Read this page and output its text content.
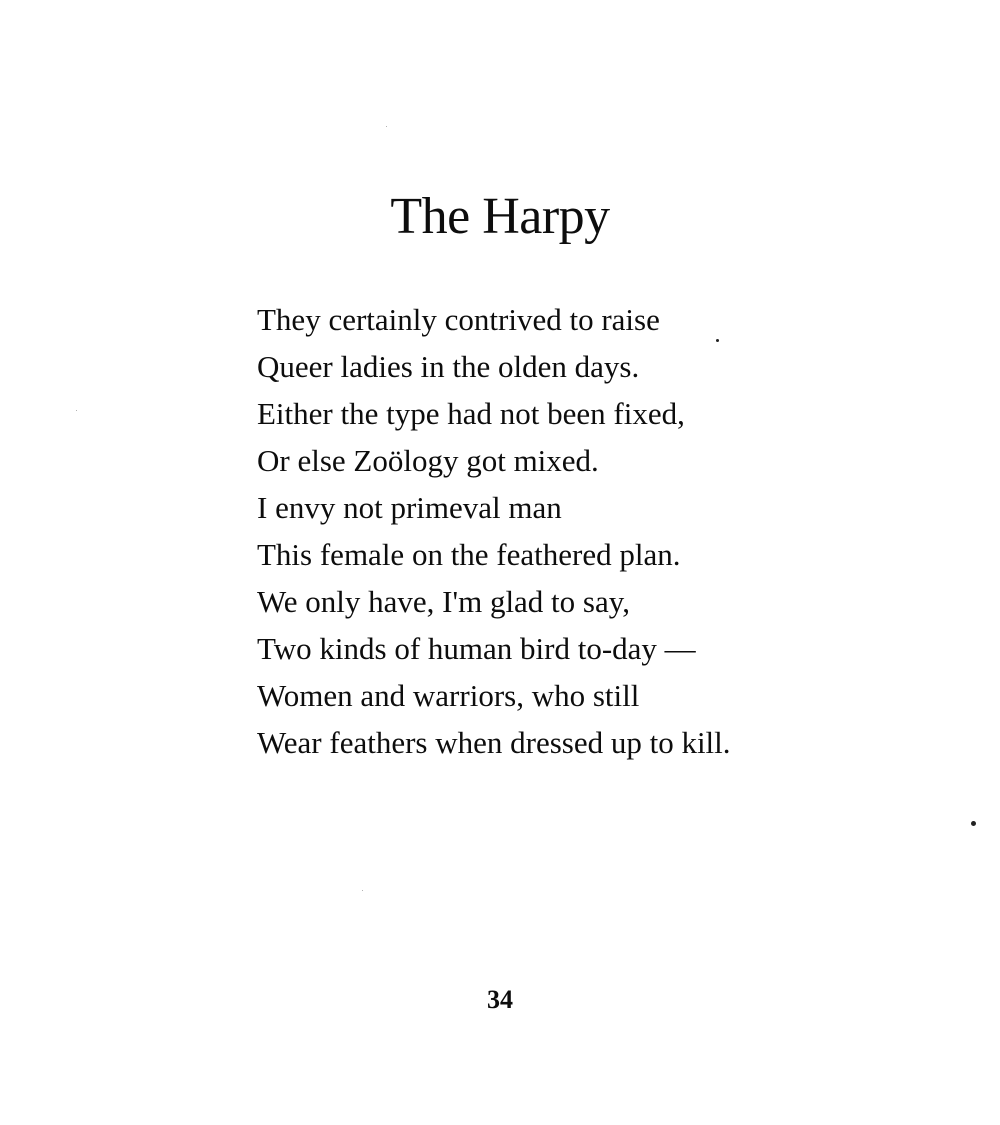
The Harpy
They certainly contrived to raise
Queer ladies in the olden days.
Either the type had not been fixed,
Or else Zoölogy got mixed.
I envy not primeval man
This female on the feathered plan.
We only have, I'm glad to say,
Two kinds of human bird to-day —
Women and warriors, who still
Wear feathers when dressed up to kill.
34
